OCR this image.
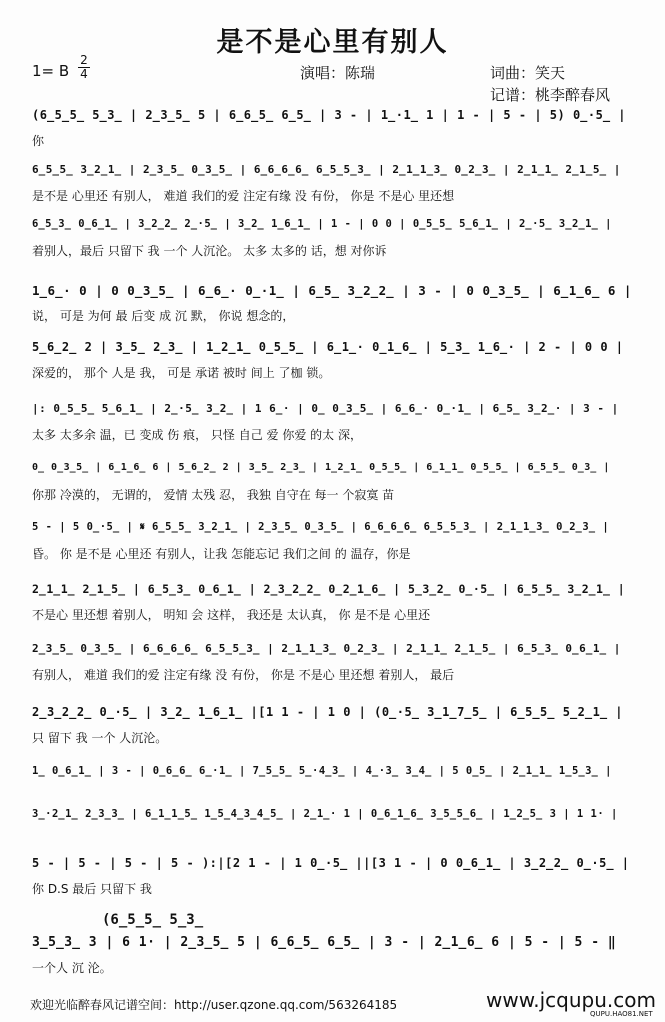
是不是心里有别人
1= B
2
4	演唱：陈瑞	词曲：笑天
记谱：桃李醉春风
(6̲5̲5̲ 5̲3̲ | 2̲3̲5̲ 5 | 6̲6̲5̲ 6̲5̲ | 3 - | 1̲·1̲ 1 | 1 - | 5 - | 5) 0̲·5̲ |
你
6̲5̲5̲ 3̲2̲1̲ | 2̲3̲5̲ 0̲3̲5̲ | 6̲6̲6̲6̲ 6̲5̲5̲3̲ | 2̲1̲1̲3̲ 0̲2̲3̲ | 2̲1̲1̲ 2̲1̲5̲ |
是不是 心里还 有别人， 难道 我们的爱 注定有缘 没 有份， 你是 不是心 里还想
6̲5̲3̲ 0̲6̲1̲ | 3̲2̲2̲ 2̲·5̲ | 3̲2̲ 1̲6̲1̲ | 1 - | 0 0 | 0̲5̲5̲ 5̲6̲1̲ | 2̲·5̲ 3̲2̲1̲ |
着别人，最后 只留下 我 一个 人沉沦。 太多 太多的 话，想 对你诉
1̲6̲· 0 | 0 0̲3̲5̲ | 6̲6̲· 0̲·1̲ | 6̲5̲ 3̲2̲2̲ | 3 - | 0 0̲3̲5̲ | 6̲1̲6̲ 6 |
说， 可是 为何 最 后变 成 沉 默， 你说 想念的，
5̲6̲2̲ 2 | 3̲5̲ 2̲3̲ | 1̲2̲1̲ 0̲5̲5̲ | 6̲1̲· 0̲1̲6̲ | 5̲3̲ 1̲6̲· | 2 - | 0 0 |
深爱的， 那个 人是 我， 可是 承诺 被时 间上 了枷 锁。
|: 0̲5̲5̲ 5̲6̲1̲ | 2̲·5̲ 3̲2̲ | 1 6̲· | 0̲ 0̲3̲5̲ | 6̲6̲· 0̲·1̲ | 6̲5̲ 3̲2̲· | 3 - |
太多 太多余 温，已 变成 伤 痕， 只怪 自己 爱 你爱 的太 深，
0̲ 0̲3̲5̲ | 6̲1̲6̲ 6 | 5̲6̲2̲ 2 | 3̲5̲ 2̲3̲ | 1̲2̲1̲ 0̲5̲5̲ | 6̲1̲1̲ 0̲5̲5̲ | 6̲5̲5̲ 0̲3̲ |
你那 冷漠的， 无谓的， 爱情 太残 忍， 我独 自守在 每一 个寂寞 苗
5 - | 5 0̲·5̲ | 𝄋 6̲5̲5̲ 3̲2̲1̲ | 2̲3̲5̲ 0̲3̲5̲ | 6̲6̲6̲6̲ 6̲5̲5̲3̲ | 2̲1̲1̲3̲ 0̲2̲3̲ |
昏。 你 是不是 心里还 有别人，让我 怎能忘记 我们之间 的 温存，你是
2̲1̲1̲ 2̲1̲5̲ | 6̲5̲3̲ 0̲6̲1̲ | 2̲3̲2̲2̲ 0̲2̲1̲6̲ | 5̲3̲2̲ 0̲·5̲ | 6̲5̲5̲ 3̲2̲1̲ |
不是心 里还想 着别人， 明知 会 这样， 我还是 太认真， 你 是不是 心里还
2̲3̲5̲ 0̲3̲5̲ | 6̲6̲6̲6̲ 6̲5̲5̲3̲ | 2̲1̲1̲3̲ 0̲2̲3̲ | 2̲1̲1̲ 2̲1̲5̲ | 6̲5̲3̲ 0̲6̲1̲ |
有别人， 难道 我们的爱 注定有缘 没 有份， 你是 不是心 里还想 着别人， 最后
2̲3̲2̲2̲ 0̲·5̲ | 3̲2̲ 1̲6̲1̲ |[1 1 - | 1 0 | (0̲·5̲ 3̲1̲7̲5̲ | 6̲5̲5̲ 5̲2̲1̲ |
只 留下 我 一个 人沉沦。
1̲ 0̲6̲1̲ | 3 - | 0̲6̲6̲ 6̲·1̲ | 7̲5̲5̲ 5̲·4̲3̲ | 4̲·3̲ 3̲4̲ | 5 0̲5̲ | 2̲1̲1̲ 1̲5̲3̲ |
3̲·2̲1̲ 2̲3̲3̲ | 6̲1̲1̲5̲ 1̲5̲4̲3̲4̲5̲ | 2̲1̲· 1 | 0̲6̲1̲6̲ 3̲5̲5̲6̲ | 1̲2̲5̲ 3 | 1 1· |
5 - | 5 - | 5 - | 5 - ):|[2 1 - | 1 0̲·5̲ ||[3 1 - | 0 0̲6̲1̲ | 3̲2̲2̲ 0̲·5̲ |
你 D.S 最后 只留下 我
3̲5̲3̲ 3 | 6 1· | 2̲3̲5̲ 5 | 6̲6̲5̲ 6̲5̲ | 3 - | 2̲1̲6̲ 6 | 5 - | 5 - ‖
一个人 沉 沦。
(6̲5̲5̲ 5̲3̲
欢迎光临醉春风记谱空间：http://user.qzone.qq.com/563264185	www.jcqupu.com
QUPU.HAO81.NET
